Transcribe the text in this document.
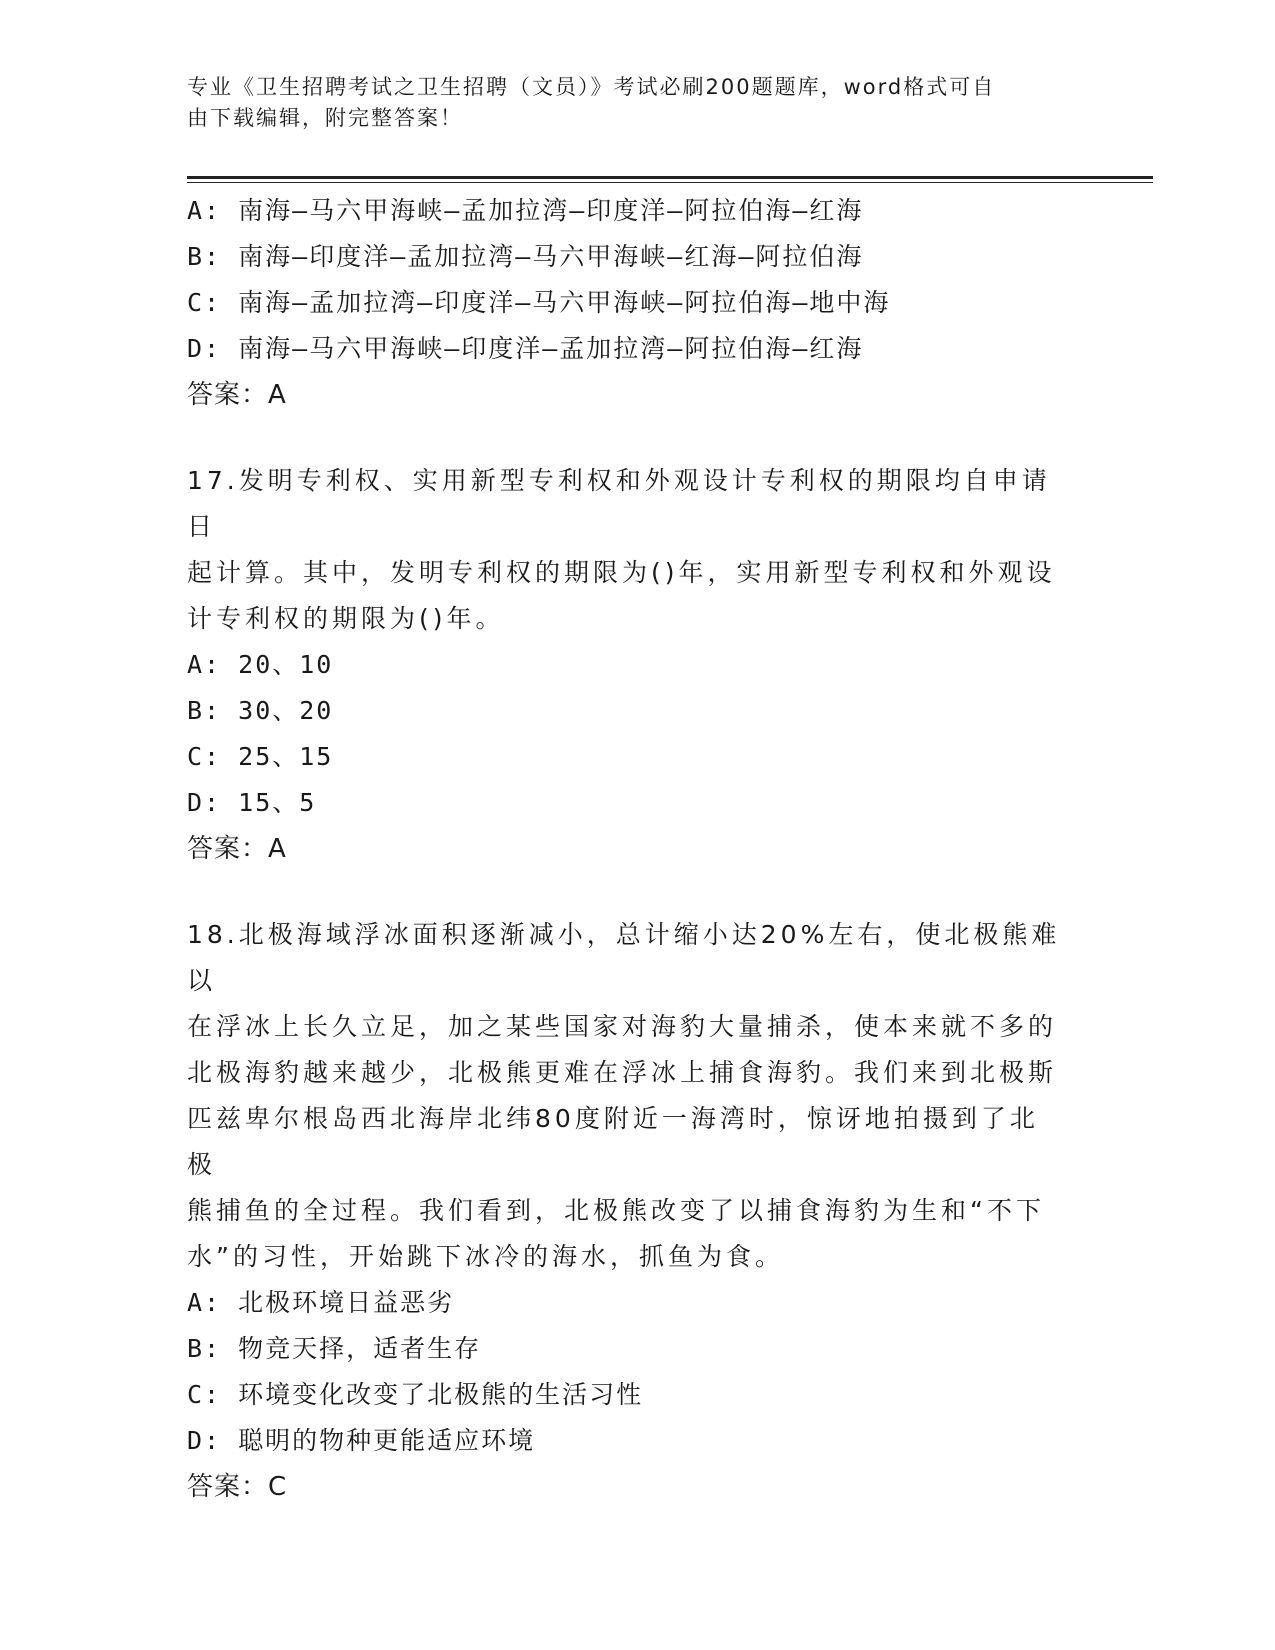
专业《卫生招聘考试之卫生招聘（文员）》考试必刷200题题库，word格式可自
由下载编辑，附完整答案！
A: 南海—马六甲海峡—孟加拉湾—印度洋—阿拉伯海—红海
B: 南海—印度洋—孟加拉湾—马六甲海峡—红海—阿拉伯海
C: 南海—孟加拉湾—印度洋—马六甲海峡—阿拉伯海—地中海
D: 南海—马六甲海峡—印度洋—孟加拉湾—阿拉伯海—红海
答案：A
17.发明专利权、实用新型专利权和外观设计专利权的期限均自申请日
起计算。其中，发明专利权的期限为()年，实用新型专利权和外观设
计专利权的期限为()年。
A: 20、10
B: 30、20
C: 25、15
D: 15、5
答案：A
18.北极海域浮冰面积逐渐减小，总计缩小达20%左右，使北极熊难以
在浮冰上长久立足，加之某些国家对海豹大量捕杀，使本来就不多的
北极海豹越来越少，北极熊更难在浮冰上捕食海豹。我们来到北极斯
匹兹卑尔根岛西北海岸北纬80度附近一海湾时，惊讶地拍摄到了北极
熊捕鱼的全过程。我们看到，北极熊改变了以捕食海豹为生和“不下
水”的习性，开始跳下冰冷的海水，抓鱼为食。
A: 北极环境日益恶劣
B: 物竞天择，适者生存
C: 环境变化改变了北极熊的生活习性
D: 聪明的物种更能适应环境
答案：C
